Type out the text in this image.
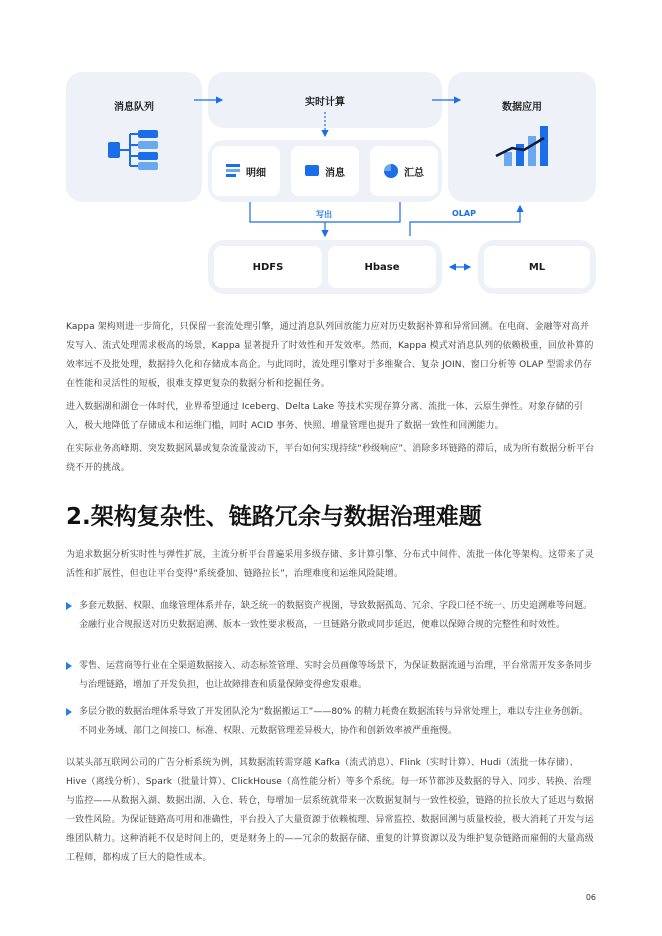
消息队列	实时计算
明细	消息	汇总
数据应用
HDFS	Hbase	ML
写出	OLAP

Kappa 架构则进一步简化，只保留一套流处理引擎，通过消息队列回放能力应对历史数据补算和异常回溯。在电商、金融等对高并发写入、流式处理需求极高的场景，Kappa 显著提升了时效性和开发效率。然而，Kappa 模式对消息队列的依赖极重，回放补算的效率远不及批处理，数据持久化和存储成本高企。与此同时，流处理引擎对于多维聚合、复杂 JOIN、窗口分析等 OLAP 型需求仍存在性能和灵活性的短板，很难支撑更复杂的数据分析和挖掘任务。

进入数据湖和湖仓一体时代，业界希望通过 Iceberg、Delta Lake 等技术实现存算分离、流批一体、云原生弹性。对象存储的引入，极大地降低了存储成本和运维门槛，同时 ACID 事务、快照、增量管理也提升了数据一致性和回溯能力。

在实际业务高峰期、突发数据风暴或复杂流量波动下，平台如何实现持续“秒级响应”、消除多环链路的滞后，成为所有数据分析平台绕不开的挑战。

2.架构复杂性、链路冗余与数据治理难题

为追求数据分析实时性与弹性扩展，主流分析平台普遍采用多级存储、多计算引擎、分布式中间件、流批一体化等架构。这带来了灵活性和扩展性，但也让平台变得“系统叠加、链路拉长”，治理难度和运维风险陡增。

多套元数据、权限、血缘管理体系并存，缺乏统一的数据资产视图，导致数据孤岛、冗余、字段口径不统一、历史追溯难等问题。金融行业合规报送对历史数据追溯、版本一致性要求极高，一旦链路分散或同步延迟，便难以保障合规的完整性和时效性。

零售、运营商等行业在全渠道数据接入、动态标签管理、实时会员画像等场景下，为保证数据流通与治理，平台常需开发多条同步与治理链路，增加了开发负担，也让故障排查和质量保障变得愈发艰难。

多层分散的数据治理体系导致了开发团队沦为“数据搬运工”——80% 的精力耗费在数据流转与异常处理上，难以专注业务创新。不同业务域、部门之间接口、标准、权限、元数据管理差异极大，协作和创新效率被严重拖慢。

以某头部互联网公司的广告分析系统为例，其数据流转需穿越 Kafka（流式消息）、Flink（实时计算）、Hudi（流批一体存储）、Hive（离线分析）、Spark（批量计算）、ClickHouse（高性能分析）等多个系统。每一环节都涉及数据的导入、同步、转换、治理与监控——从数据入湖、数据出湖、入仓、转仓，每增加一层系统就带来一次数据复制与一致性校验，链路的拉长放大了延迟与数据一致性风险。为保证链路高可用和准确性，平台投入了大量资源于依赖梳理、异常监控、数据回溯与质量校验，极大消耗了开发与运维团队精力。这种消耗不仅是时间上的，更是财务上的——冗余的数据存储、重复的计算资源以及为维护复杂链路而雇佣的大量高级工程师，都构成了巨大的隐性成本。

06
